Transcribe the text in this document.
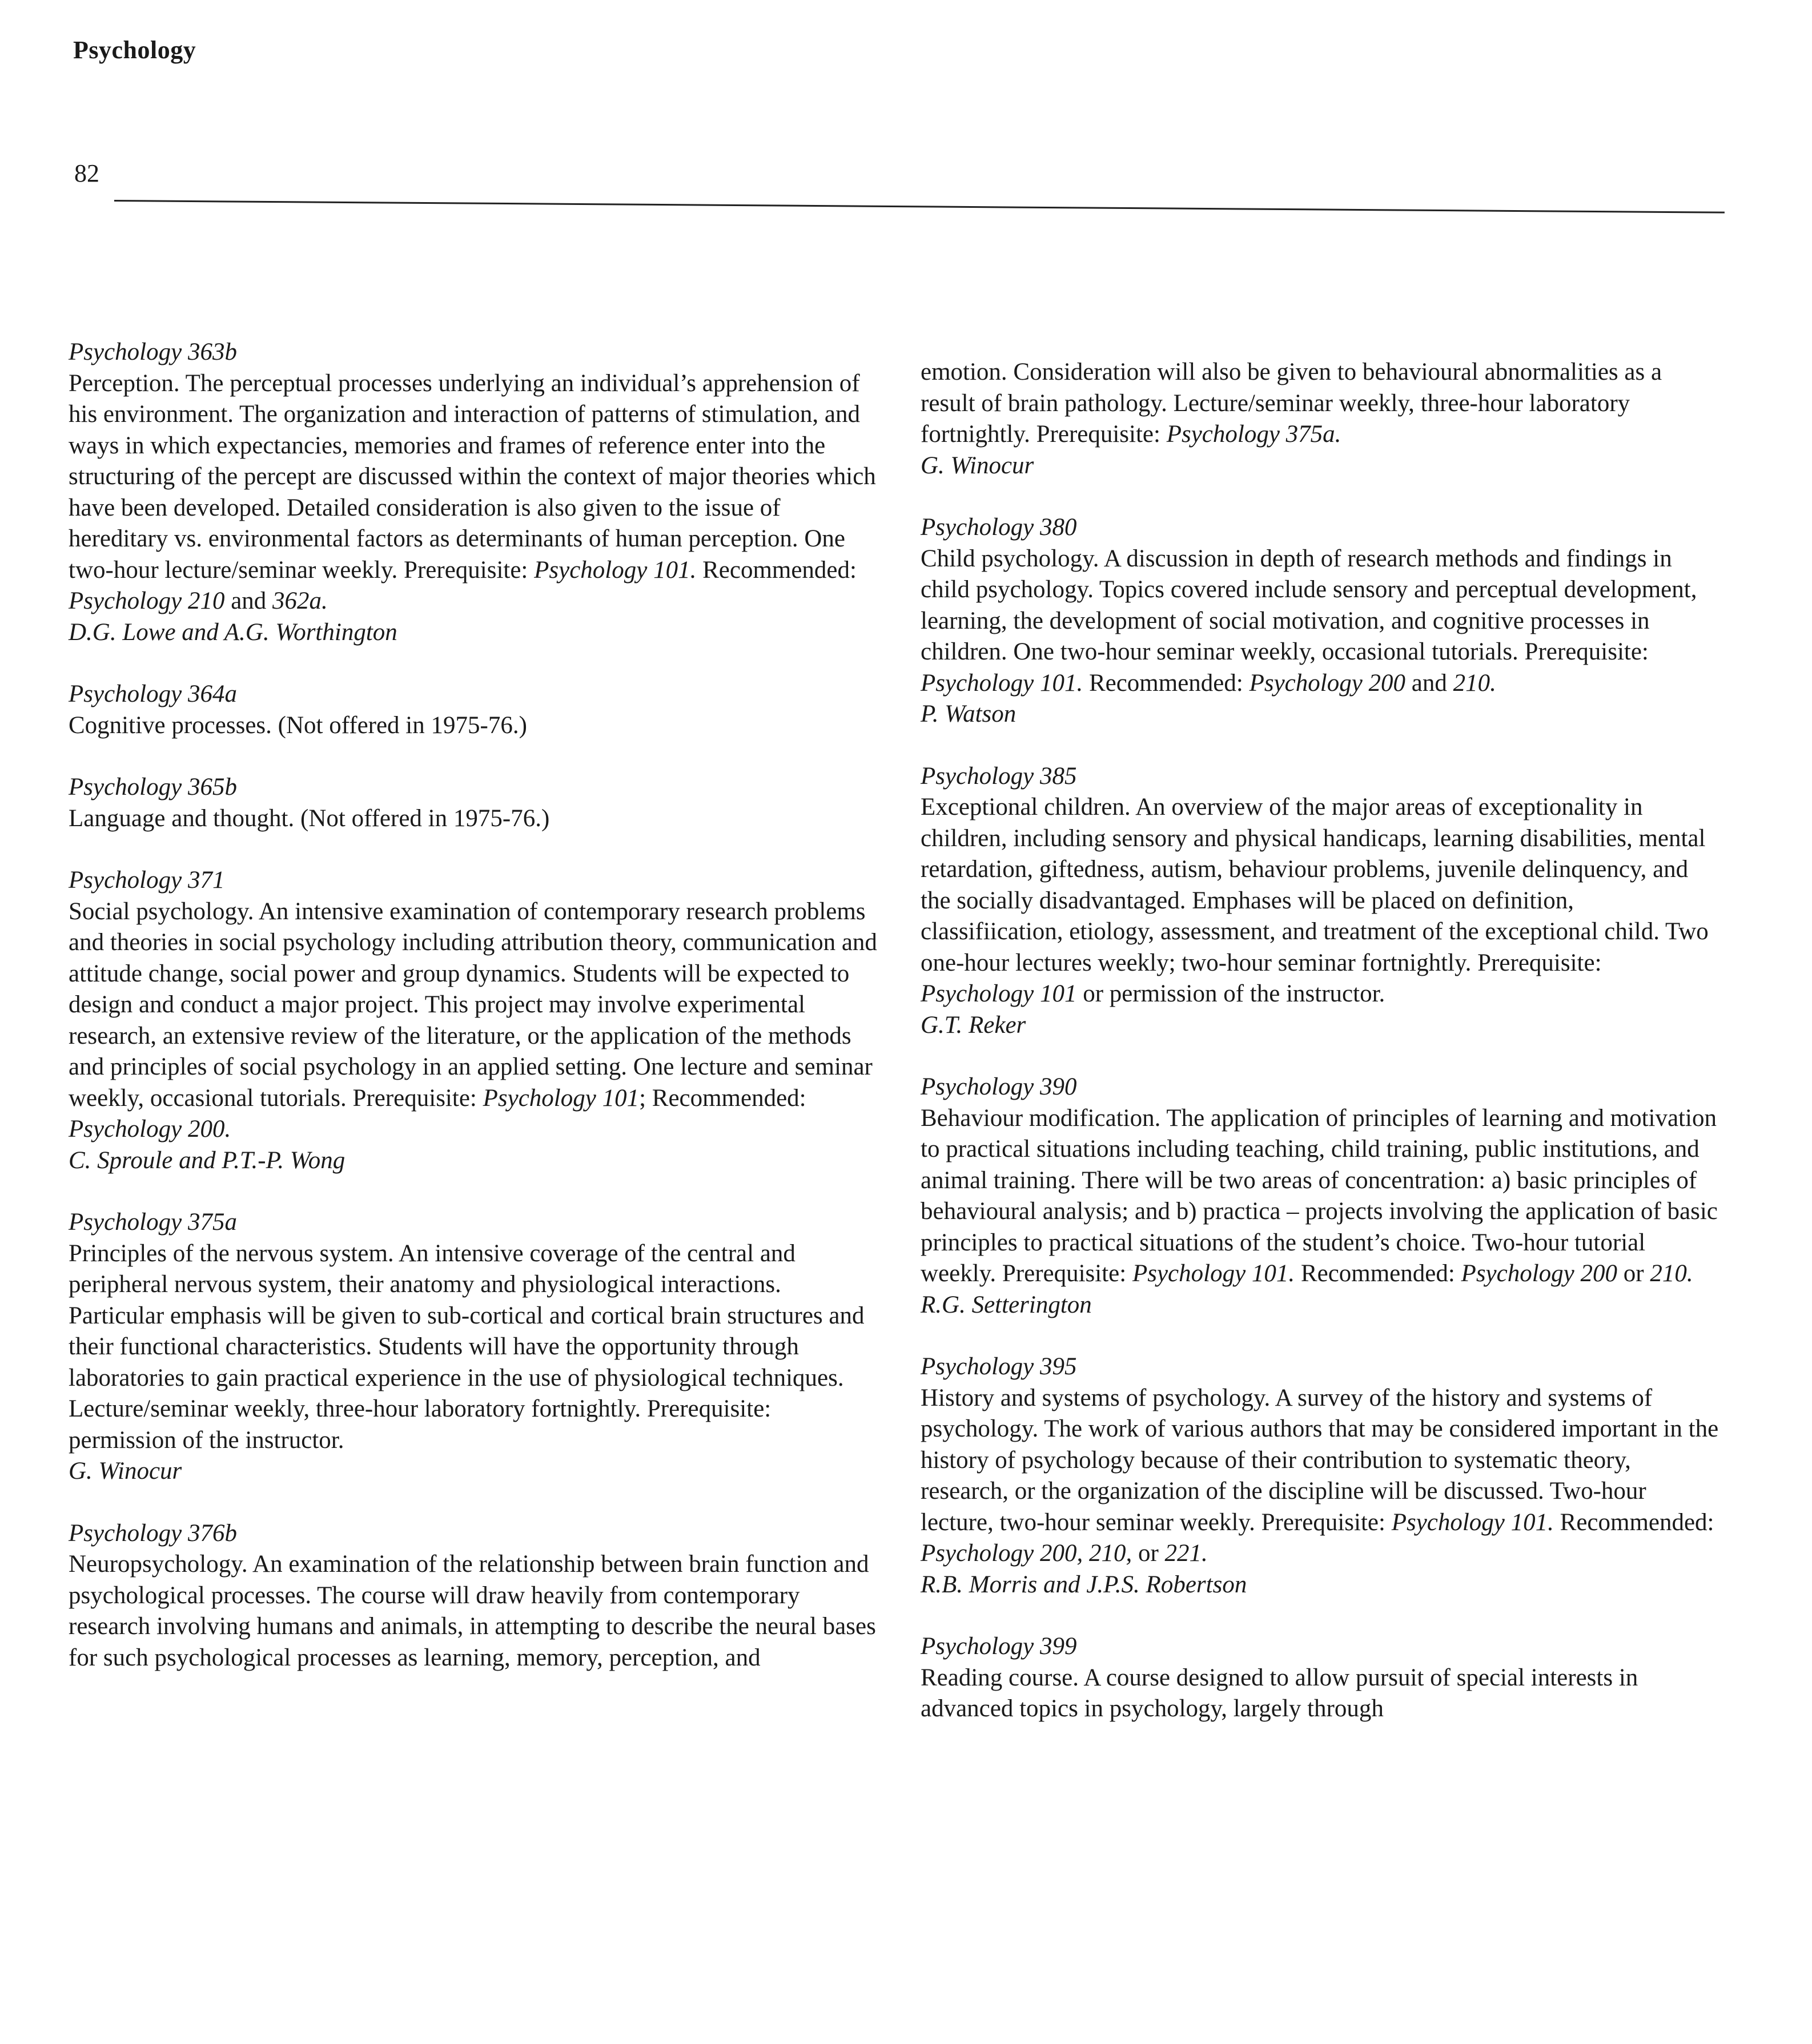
Psychology
82

Psychology 363b

Perception. The perceptual processes underlying an individual’s apprehension of his environment. The organization and interaction of patterns of stimulation, and ways in which expectancies, memories and frames of reference enter into the structuring of the percept are discussed within the context of major theories which have been developed. Detailed consideration is also given to the issue of hereditary vs. environmental factors as determinants of human perception. One two-hour lecture/seminar weekly. Prerequisite: Psychology 101. Recommended: Psychology 210 and 362a.

D.G. Lowe and A.G. Worthington

Psychology 364a

Cognitive processes. (Not offered in 1975-76.)

Psychology 365b

Language and thought. (Not offered in 1975-76.)

Psychology 371

Social psychology. An intensive examination of contemporary research problems and theories in social psychology including attribution theory, communication and attitude change, social power and group dynamics. Students will be expected to design and conduct a major project. This project may involve experimental research, an extensive review of the literature, or the application of the methods and principles of social psychology in an applied setting. One lecture and seminar weekly, occasional tutorials. Prerequisite: Psychology 101; Recommended: Psychology 200.

C. Sproule and P.T.-P. Wong

Psychology 375a

Principles of the nervous system. An intensive coverage of the central and peripheral nervous system, their anatomy and physiological interactions. Particular emphasis will be given to sub-cortical and cortical brain structures and their functional characteristics. Students will have the opportunity through laboratories to gain practical experience in the use of physiological techniques. Lecture/seminar weekly, three-hour laboratory fortnightly. Prerequisite: permission of the instructor.

G. Winocur

Psychology 376b

Neuropsychology. An examination of the relationship between brain function and psychological processes. The course will draw heavily from contemporary research involving humans and animals, in attempting to describe the neural bases for such psychological processes as learning, memory, perception, and

emotion. Consideration will also be given to behavioural abnormalities as a result of brain pathology. Lecture/seminar weekly, three-hour laboratory fortnightly. Prerequisite: Psychology 375a.

G. Winocur

Psychology 380

Child psychology. A discussion in depth of research methods and findings in child psychology. Topics covered include sensory and perceptual development, learning, the development of social motivation, and cognitive processes in children. One two-hour seminar weekly, occasional tutorials. Prerequisite: Psychology 101. Recommended: Psychology 200 and 210.

P. Watson

Psychology 385

Exceptional children. An overview of the major areas of exceptionality in children, including sensory and physical handicaps, learning disabilities, mental retardation, giftedness, autism, behaviour problems, juvenile delinquency, and the socially disadvantaged. Emphases will be placed on definition, classifiication, etiology, assessment, and treatment of the exceptional child. Two one-hour lectures weekly; two-hour seminar fortnightly. Prerequisite: Psychology 101 or permission of the instructor.

G.T. Reker

Psychology 390

Behaviour modification. The application of principles of learning and motivation to practical situations including teaching, child training, public institutions, and animal training. There will be two areas of concentration: a) basic principles of behavioural analysis; and b) practica – projects involving the application of basic principles to practical situations of the student’s choice. Two-hour tutorial weekly. Prerequisite: Psychology 101. Recommended: Psychology 200 or 210.

R.G. Setterington

Psychology 395

History and systems of psychology. A survey of the history and systems of psychology. The work of various authors that may be considered important in the history of psychology because of their contribution to systematic theory, research, or the organization of the discipline will be discussed. Two-hour lecture, two-hour seminar weekly. Prerequisite: Psychology 101. Recommended: Psychology 200, 210, or 221.

R.B. Morris and J.P.S. Robertson

Psychology 399

Reading course. A course designed to allow pursuit of special interests in advanced topics in psychology, largely through
